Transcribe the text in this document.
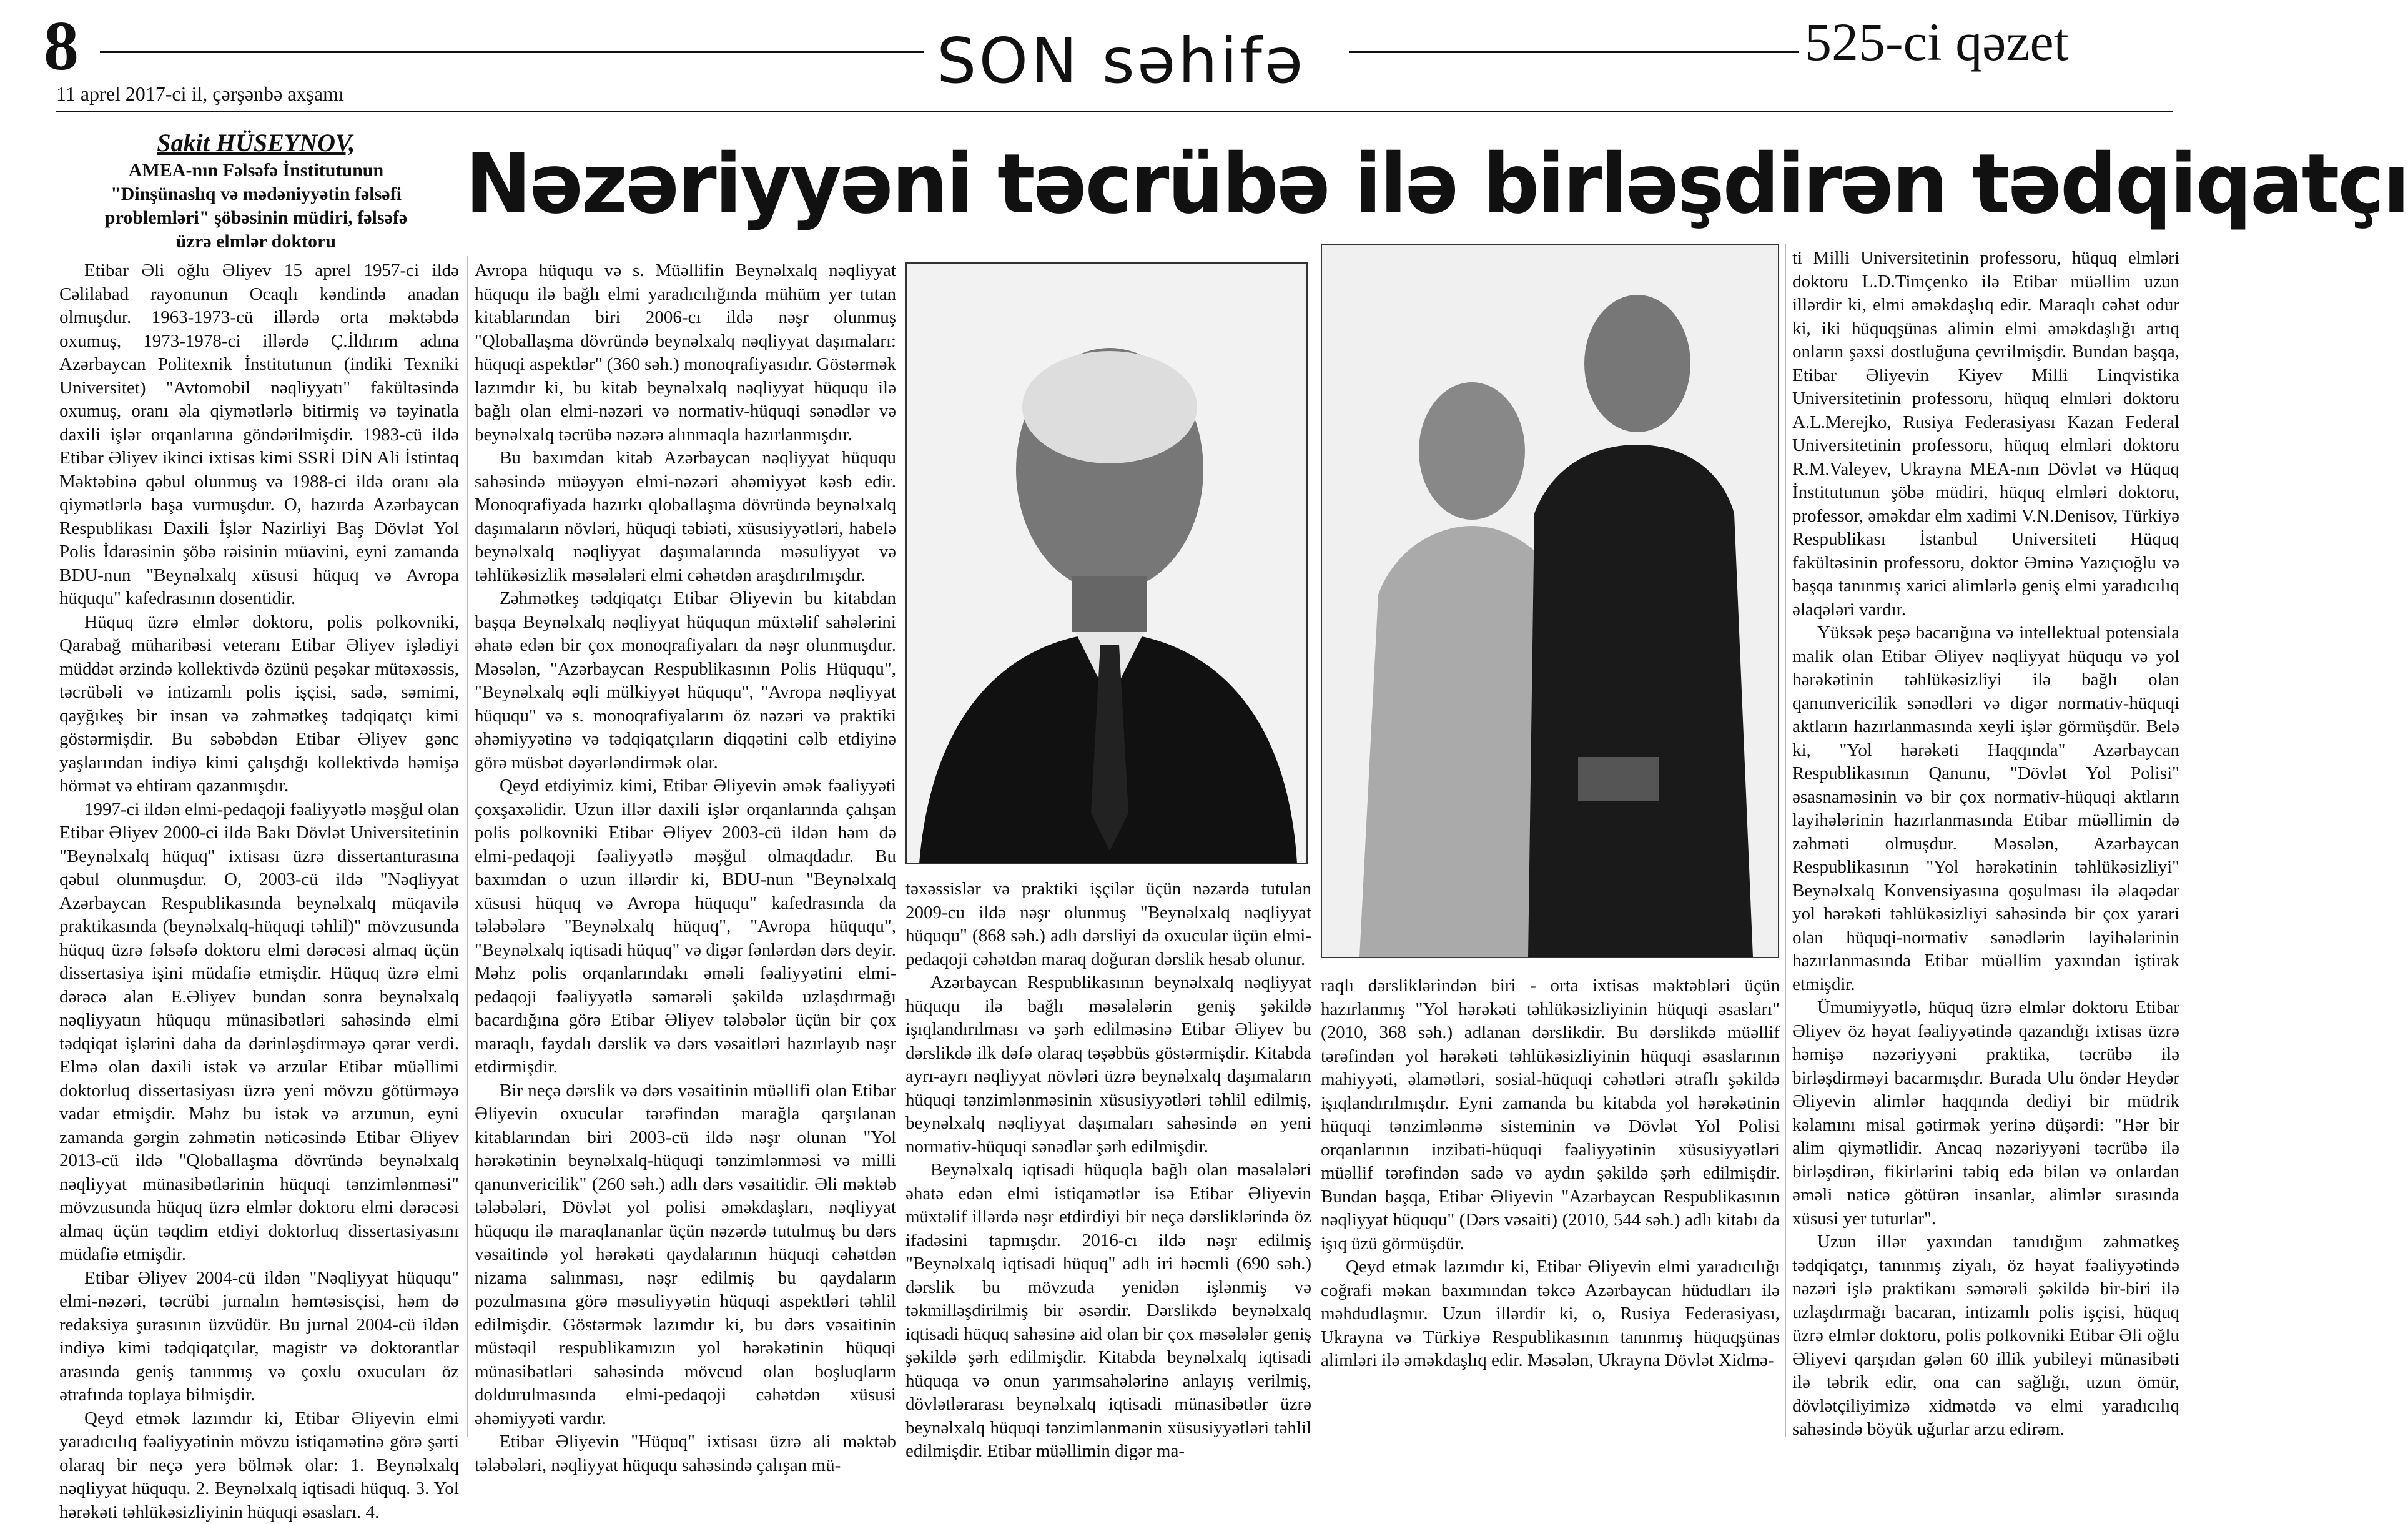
8	SON səhifə	525-ci qəzet
11 aprel 2017-ci il, çərşənbə axşamı
Sakit HÜSEYNOV,
AMEA-nın Fəlsəfə İnstitutunun "Dinşünaslıq və mədəniyyətin fəlsəfi problemləri" şöbəsinin müdiri, fəlsəfə üzrə elmlər doktoru
Nəzəriyyəni təcrübə ilə birləşdirən tədqiqatçı

Etibar Əli oğlu Əliyev 15 aprel 1957-ci ildə Cəlilabad rayonunun Ocaqlı kəndində anadan olmuşdur. 1963-1973-cü illərdə orta məktəbdə oxumuş, 1973-1978-ci illərdə Ç.İldırım adına Azərbaycan Politexnik İnstitutunun (indiki Texniki Universitet) "Avtomobil nəqliyyatı" fakültəsində oxumuş, oranı əla qiymətlərlə bitirmiş və təyinatla daxili işlər orqanlarına göndərilmişdir. 1983-cü ildə Etibar Əliyev ikinci ixtisas kimi SSRİ DİN Ali İstintaq Məktəbinə qəbul olunmuş və 1988-ci ildə oranı əla qiymətlərlə başa vurmuşdur. O, hazırda Azərbaycan Respublikası Daxili İşlər Nazirliyi Baş Dövlət Yol Polis İdarəsinin şöbə rəisinin müavini, eyni zamanda BDU-nun "Beynəlxalq xüsusi hüquq və Avropa hüququ" kafedrasının dosentidir.

Hüquq üzrə elmlər doktoru, polis polkovniki, Qarabağ müharibəsi veteranı Etibar Əliyev işlədiyi müddət ərzində kollektivdə özünü peşəkar mütəxəssis, təcrübəli və intizamlı polis işçisi, sadə, səmimi, qayğıkeş bir insan və zəhmətkeş tədqiqatçı kimi göstərmişdir. Bu səbəbdən Etibar Əliyev gənc yaşlarından indiyə kimi çalışdığı kollektivdə həmişə hörmət və ehtiram qazanmışdır.

1997-ci ildən elmi-pedaqoji fəaliyyətlə məşğul olan Etibar Əliyev 2000-ci ildə Bakı Dövlət Universitetinin "Beynəlxalq hüquq" ixtisası üzrə dissertanturasına qəbul olunmuşdur. O, 2003-cü ildə "Nəqliyyat Azərbaycan Respublikasında beynəlxalq müqavilə praktikasında (beynəlxalq-hüquqi təhlil)" mövzusunda hüquq üzrə fəlsəfə doktoru elmi dərəcəsi almaq üçün dissertasiya işini müdafiə etmişdir. Hüquq üzrə elmi dərəcə alan E.Əliyev bundan sonra beynəlxalq nəqliyyatın hüququ münasibətləri sahəsində elmi tədqiqat işlərini daha da dərinləşdirməyə qərar verdi. Elmə olan daxili istək və arzular Etibar müəllimi doktorluq dissertasiyası üzrə yeni mövzu götürməyə vadar etmişdir. Məhz bu istək və arzunun, eyni zamanda gərgin zəhmətin nəticəsində Etibar Əliyev 2013-cü ildə "Qloballaşma dövründə beynəlxalq nəqliyyat münasibətlərinin hüquqi tənzimlənməsi" mövzusunda hüquq üzrə elmlər doktoru elmi dərəcəsi almaq üçün təqdim etdiyi doktorluq dissertasiyasını müdafiə etmişdir.

Etibar Əliyev 2004-cü ildən "Nəqliyyat hüququ" elmi-nəzəri, təcrübi jurnalın həmtəsisçisi, həm də redaksiya şurasının üzvüdür. Bu jurnal 2004-cü ildən indiyə kimi tədqiqatçılar, magistr və doktorantlar arasında geniş tanınmış və çoxlu oxucuları öz ətrafında toplaya bilmişdir.

Qeyd etmək lazımdır ki, Etibar Əliyevin elmi yaradıcılıq fəaliyyətinin mövzu istiqamətinə görə şərti olaraq bir neçə yerə bölmək olar: 1. Beynəlxalq nəqliyyat hüququ. 2. Beynəlxalq iqtisadi hüquq. 3. Yol hərəkəti təhlükəsizliyinin hüquqi əsasları. 4.

Avropa hüququ və s. Müəllifin Beynəlxalq nəqliyyat hüququ ilə bağlı elmi yaradıcılığında mühüm yer tutan kitablarından biri 2006-cı ildə nəşr olunmuş "Qloballaşma dövründə beynəlxalq nəqliyyat daşımaları: hüquqi aspektlər" (360 səh.) monoqrafiyasıdır. Göstərmək lazımdır ki, bu kitab beynəlxalq nəqliyyat hüququ ilə bağlı olan elmi-nəzəri və normativ-hüquqi sənədlər və beynəlxalq təcrübə nəzərə alınmaqla hazırlanmışdır.

Bu baxımdan kitab Azərbaycan nəqliyyat hüququ sahəsində müəyyən elmi-nəzəri əhəmiyyət kəsb edir. Monoqrafiyada hazırkı qloballaşma dövründə beynəlxalq daşımaların növləri, hüquqi təbiəti, xüsusiyyətləri, habelə beynəlxalq nəqliyyat daşımalarında məsuliyyət və təhlükəsizlik məsələləri elmi cəhətdən araşdırılmışdır.

Zəhmətkeş tədqiqatçı Etibar Əliyevin bu kitabdan başqa Beynəlxalq nəqliyyat hüququn müxtəlif sahələrini əhatə edən bir çox monoqrafiyaları da nəşr olunmuşdur. Məsələn, "Azərbaycan Respublikasının Polis Hüququ", "Beynəlxalq əqli mülkiyyət hüququ", "Avropa nəqliyyat hüququ" və s. monoqrafiyalarını öz nəzəri və praktiki əhəmiyyətinə və tədqiqatçıların diqqətini cəlb etdiyinə görə müsbət dəyərləndirmək olar.

Qeyd etdiyimiz kimi, Etibar Əliyevin əmək fəaliyyəti çoxşaxəlidir. Uzun illər daxili işlər orqanlarında çalışan polis polkovniki Etibar Əliyev 2003-cü ildən həm də elmi-pedaqoji fəaliyyətlə məşğul olmaqdadır. Bu baxımdan o uzun illərdir ki, BDU-nun "Beynəlxalq xüsusi hüquq və Avropa hüququ" kafedrasında da tələbələrə "Beynəlxalq hüquq", "Avropa hüququ", "Beynəlxalq iqtisadi hüquq" və digər fənlərdən dərs deyir. Məhz polis orqanlarındakı əməli fəaliyyətini elmi-pedaqoji fəaliyyətlə səmərəli şəkildə uzlaşdırmağı bacardığına görə Etibar Əliyev tələbələr üçün bir çox maraqlı, faydalı dərslik və dərs vəsaitləri hazırlayıb nəşr etdirmişdir.

Bir neçə dərslik və dərs vəsaitinin müəllifi olan Etibar Əliyevin oxucular tərəfindən marağla qarşılanan kitablarından biri 2003-cü ildə nəşr olunan "Yol hərəkətinin beynəlxalq-hüquqi tənzimlənməsi və milli qanunvericilik" (260 səh.) adlı dərs vəsaitidir. Əli məktəb tələbələri, Dövlət yol polisi əməkdaşları, nəqliyyat hüququ ilə maraqlananlar üçün nəzərdə tutulmuş bu dərs vəsaitində yol hərəkəti qaydalarının hüquqi cəhətdən nizama salınması, nəşr edilmiş bu qaydaların pozulmasına görə məsuliyyətin hüquqi aspektləri təhlil edilmişdir. Göstərmək lazımdır ki, bu dərs vəsaitinin müstəqil respublikamızın yol hərəkətinin hüquqi münasibətləri sahəsində mövcud olan boşluqların doldurulmasında elmi-pedaqoji cəhətdən xüsusi əhəmiyyəti vardır.

Etibar Əliyevin "Hüquq" ixtisası üzrə ali məktəb tələbələri, nəqliyyat hüququ sahəsində çalışan mü-

təxəssislər və praktiki işçilər üçün nəzərdə tutulan 2009-cu ildə nəşr olunmuş "Beynəlxalq nəqliyyat hüququ" (868 səh.) adlı dərsliyi də oxucular üçün elmi-pedaqoji cəhətdən maraq doğuran dərslik hesab olunur.

Azərbaycan Respublikasının beynəlxalq nəqliyyat hüququ ilə bağlı məsələlərin geniş şəkildə işıqlandırılması və şərh edilməsinə Etibar Əliyev bu dərslikdə ilk dəfə olaraq təşəbbüs göstərmişdir. Kitabda ayrı-ayrı nəqliyyat növləri üzrə beynəlxalq daşımaların hüquqi tənzimlənməsinin xüsusiyyətləri təhlil edilmiş, beynəlxalq nəqliyyat daşımaları sahəsində ən yeni normativ-hüquqi sənədlər şərh edilmişdir.

Beynəlxalq iqtisadi hüquqla bağlı olan məsələləri əhatə edən elmi istiqamətlər isə Etibar Əliyevin müxtəlif illərdə nəşr etdirdiyi bir neçə dərsliklərində öz ifadəsini tapmışdır. 2016-cı ildə nəşr edilmiş "Beynəlxalq iqtisadi hüquq" adlı iri həcmli (690 səh.) dərslik bu mövzuda yenidən işlənmiş və təkmilləşdirilmiş bir əsərdir. Dərslikdə beynəlxalq iqtisadi hüquq sahəsinə aid olan bir çox məsələlər geniş şəkildə şərh edilmişdir. Kitabda beynəlxalq iqtisadi hüquqa və onun yarımsahələrinə anlayış verilmiş, dövlətlərarası beynəlxalq iqtisadi münasibətlər üzrə beynəlxalq hüquqi tənzimlənmənin xüsusiyyətləri təhlil edilmişdir. Etibar müəllimin digər ma-

raqlı dərsliklərindən biri - orta ixtisas məktəbləri üçün hazırlanmış "Yol hərəkəti təhlükəsizliyinin hüquqi əsasları" (2010, 368 səh.) adlanan dərslikdir. Bu dərslikdə müəllif tərəfindən yol hərəkəti təhlükəsizliyinin hüquqi əsaslarının mahiyyəti, əlamətləri, sosial-hüquqi cəhətləri ətraflı şəkildə işıqlandırılmışdır. Eyni zamanda bu kitabda yol hərəkətinin hüquqi tənzimlənmə sisteminin və Dövlət Yol Polisi orqanlarının inzibati-hüquqi fəaliyyətinin xüsusiyyətləri müəllif tərəfindən sadə və aydın şəkildə şərh edilmişdir. Bundan başqa, Etibar Əliyevin "Azərbaycan Respublikasının nəqliyyat hüququ" (Dərs vəsaiti) (2010, 544 səh.) adlı kitabı da işıq üzü görmüşdür.

Qeyd etmək lazımdır ki, Etibar Əliyevin elmi yaradıcılığı coğrafi məkan baxımından təkcə Azərbaycan hüdudları ilə məhdudlaşmır. Uzun illərdir ki, o, Rusiya Federasiyası, Ukrayna və Türkiyə Respublikasının tanınmış hüquqşünas alimləri ilə əməkdaşlıq edir. Məsələn, Ukrayna Dövlət Xidmə-

ti Milli Universitetinin professoru, hüquq elmləri doktoru L.D.Timçenko ilə Etibar müəllim uzun illərdir ki, elmi əməkdaşlıq edir. Maraqlı cəhət odur ki, iki hüquqşünas alimin elmi əməkdaşlığı artıq onların şəxsi dostluğuna çevrilmişdir. Bundan başqa, Etibar Əliyevin Kiyev Milli Linqvistika Universitetinin professoru, hüquq elmləri doktoru A.L.Merejko, Rusiya Federasiyası Kazan Federal Universitetinin professoru, hüquq elmləri doktoru R.M.Valeyev, Ukrayna MEA-nın Dövlət və Hüquq İnstitutunun şöbə müdiri, hüquq elmləri doktoru, professor, əməkdar elm xadimi V.N.Denisov, Türkiyə Respublikası İstanbul Universiteti Hüquq fakültəsinin professoru, doktor Əminə Yazıçıoğlu və başqa tanınmış xarici alimlərlə geniş elmi yaradıcılıq əlaqələri vardır.

Yüksək peşə bacarığına və intellektual potensiala malik olan Etibar Əliyev nəqliyyat hüququ və yol hərəkətinin təhlükəsizliyi ilə bağlı olan qanunvericilik sənədləri və digər normativ-hüquqi aktların hazırlanmasında xeyli işlər görmüşdür. Belə ki, "Yol hərəkəti Haqqında" Azərbaycan Respublikasının Qanunu, "Dövlət Yol Polisi" əsasnaməsinin və bir çox normativ-hüquqi aktların layihələrinin hazırlanmasında Etibar müəllimin də zəhməti olmuşdur. Məsələn, Azərbaycan Respublikasının "Yol hərəkətinin təhlükəsizliyi" Beynəlxalq Konvensiyasına qoşulması ilə əlaqədar yol hərəkəti təhlükəsizliyi sahəsində bir çox yarari olan hüquqi-normativ sənədlərin layihələrinin hazırlanmasında Etibar müəllim yaxından iştirak etmişdir.

Ümumiyyətlə, hüquq üzrə elmlər doktoru Etibar Əliyev öz həyat fəaliyyətində qazandığı ixtisas üzrə həmişə nəzəriyyəni praktika, təcrübə ilə birləşdirməyi bacarmışdır. Burada Ulu öndər Heydər Əliyevin alimlər haqqında dediyi bir müdrik kəlamını misal gətirmək yerinə düşərdi: "Hər bir alim qiymətlidir. Ancaq nəzəriyyəni təcrübə ilə birləşdirən, fikirlərini təbiq edə bilən və onlardan əməli nəticə götürən insanlar, alimlər sırasında xüsusi yer tuturlar".

Uzun illər yaxından tanıdığım zəhmətkeş tədqiqatçı, tanınmış ziyalı, öz həyat fəaliyyətində nəzəri işlə praktikanı səmərəli şəkildə bir-biri ilə uzlaşdırmağı bacaran, intizamlı polis işçisi, hüquq üzrə elmlər doktoru, polis polkovniki Etibar Əli oğlu Əliyevi qarşıdan gələn 60 illik yubileyi münasibəti ilə təbrik edir, ona can sağlığı, uzun ömür, dövlətçiliyimizə xidmətdə və elmi yaradıcılıq sahəsində böyük uğurlar arzu edirəm.
